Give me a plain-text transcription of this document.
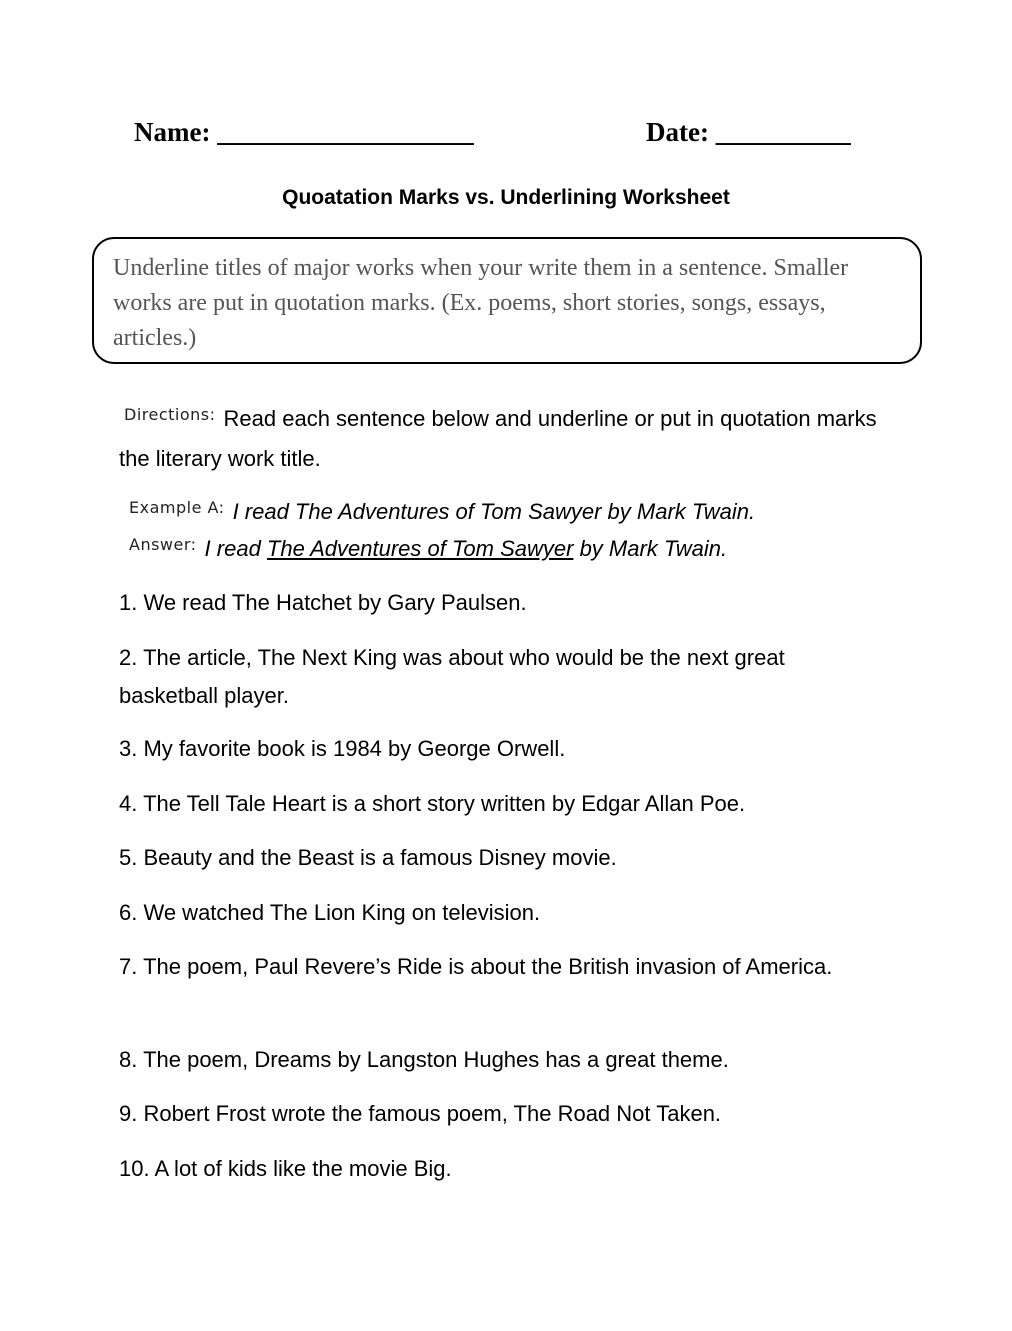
Name: ___________________	Date: __________
Quoatation Marks vs. Underlining Worksheet
Underline titles of major works when your write them in a sentence. Smaller works are put in quotation marks. (Ex. poems, short stories, songs, essays, articles.)
$^{Directions:}$ Read each sentence below and underline or put in quotation marks the literary work title.
$^{Example A:}$ I read The Adventures of Tom Sawyer by Mark Twain.
$^{Answer:}$ I read The Adventures of Tom Sawyer by Mark Twain.
1. We read The Hatchet by Gary Paulsen.
2. The article, The Next King was about who would be the next great basketball player.
3. My favorite book is 1984 by George Orwell.
4. The Tell Tale Heart is a short story written by Edgar Allan Poe.
5. Beauty and the Beast is a famous Disney movie.
6. We watched The Lion King on television.
7. The poem, Paul Revere’s Ride is about the British invasion of America.
8. The poem, Dreams by Langston Hughes has a great theme.
9. Robert Frost wrote the famous poem, The Road Not Taken.
10. A lot of kids like the movie Big.
